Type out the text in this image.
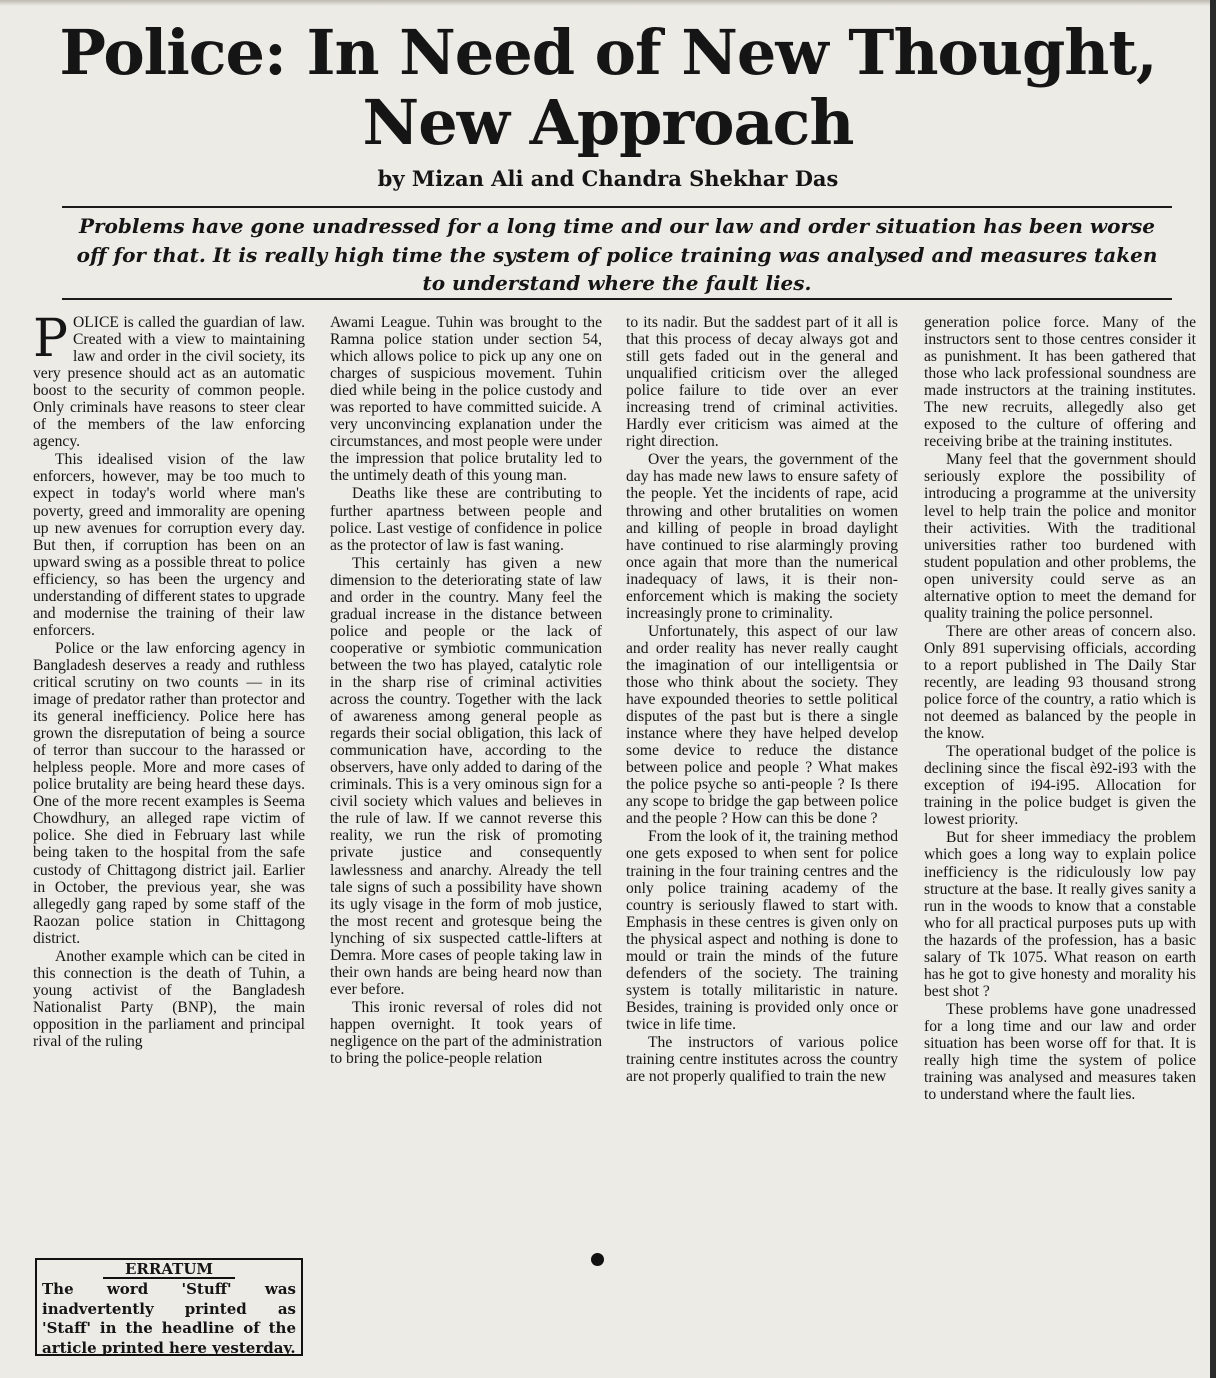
Police: In Need of New Thought, New Approach
by Mizan Ali and Chandra Shekhar Das
Problems have gone unadressed for a long time and our law and order situation has been worse off for that. It is really high time the system of police training was analysed and measures taken to understand where the fault lies.

POLICE is called the guardian of law. Created with a view to maintaining law and order in the civil society, its very presence should act as an automatic boost to the security of common people. Only criminals have reasons to steer clear of the members of the law enforcing agency.

This idealised vision of the law enforcers, however, may be too much to expect in today's world where man's poverty, greed and immorality are opening up new avenues for corruption every day. But then, if corruption has been on an upward swing as a possible threat to police efficiency, so has been the urgency and understanding of different states to upgrade and modernise the training of their law enforcers.

Police or the law enforcing agency in Bangladesh deserves a ready and ruthless critical scrutiny on two counts — in its image of predator rather than protector and its general inefficiency. Police here has grown the disreputation of being a source of terror than succour to the harassed or helpless people. More and more cases of police brutality are being heard these days. One of the more recent examples is Seema Chowdhury, an alleged rape victim of police. She died in February last while being taken to the hospital from the safe custody of Chittagong district jail. Earlier in October, the previous year, she was allegedly gang raped by some staff of the Raozan police station in Chittagong district.

Another example which can be cited in this connection is the death of Tuhin, a young activist of the Bangladesh Nationalist Party (BNP), the main opposition in the parliament and principal rival of the ruling

Awami League. Tuhin was brought to the Ramna police station under section 54, which allows police to pick up any one on charges of suspicious movement. Tuhin died while being in the police custody and was reported to have committed suicide. A very unconvincing explanation under the circumstances, and most people were under the impression that police brutality led to the untimely death of this young man.

Deaths like these are contributing to further apartness between people and police. Last vestige of confidence in police as the protector of law is fast waning.

This certainly has given a new dimension to the deteriorating state of law and order in the country. Many feel the gradual increase in the distance between police and people or the lack of cooperative or symbiotic communication between the two has played, catalytic role in the sharp rise of criminal activities across the country. Together with the lack of awareness among general people as regards their social obligation, this lack of communication have, according to the observers, have only added to daring of the criminals. This is a very ominous sign for a civil society which values and believes in the rule of law. If we cannot reverse this reality, we run the risk of promoting private justice and consequently lawlessness and anarchy. Already the tell tale signs of such a possibility have shown its ugly visage in the form of mob justice, the most recent and grotesque being the lynching of six suspected cattle-lifters at Demra. More cases of people taking law in their own hands are being heard now than ever before.

This ironic reversal of roles did not happen overnight. It took years of negligence on the part of the administration to bring the police-people relation

to its nadir. But the saddest part of it all is that this process of decay always got and still gets faded out in the general and unqualified criticism over the alleged police failure to tide over an ever increasing trend of criminal activities. Hardly ever criticism was aimed at the right direction.

Over the years, the government of the day has made new laws to ensure safety of the people. Yet the incidents of rape, acid throwing and other brutalities on women and killing of people in broad daylight have continued to rise alarmingly proving once again that more than the numerical inadequacy of laws, it is their non-enforcement which is making the society increasingly prone to criminality.

Unfortunately, this aspect of our law and order reality has never really caught the imagination of our intelligentsia or those who think about the society. They have expounded theories to settle political disputes of the past but is there a single instance where they have helped develop some device to reduce the distance between police and people ? What makes the police psyche so anti-people ? Is there any scope to bridge the gap between police and the people ? How can this be done ?

From the look of it, the training method one gets exposed to when sent for police training in the four training centres and the only police training academy of the country is seriously flawed to start with. Emphasis in these centres is given only on the physical aspect and nothing is done to mould or train the minds of the future defenders of the society. The training system is totally militaristic in nature. Besides, training is provided only once or twice in life time.

The instructors of various police training centre institutes across the country are not properly qualified to train the new

generation police force. Many of the instructors sent to those centres consider it as punishment. It has been gathered that those who lack professional soundness are made instructors at the training institutes. The new recruits, allegedly also get exposed to the culture of offering and receiving bribe at the training institutes.

Many feel that the government should seriously explore the possibility of introducing a programme at the university level to help train the police and monitor their activities. With the traditional universities rather too burdened with student population and other problems, the open university could serve as an alternative option to meet the demand for quality training the police personnel.

There are other areas of concern also. Only 891 supervising officials, according to a report published in The Daily Star recently, are leading 93 thousand strong police force of the country, a ratio which is not deemed as balanced by the people in the know.

The operational budget of the police is declining since the fiscal è92-i93 with the exception of i94-i95. Allocation for training in the police budget is given the lowest priority.

But for sheer immediacy the problem which goes a long way to explain police inefficiency is the ridiculously low pay structure at the base. It really gives sanity a run in the woods to know that a constable who for all practical purposes puts up with the hazards of the profession, has a basic salary of Tk 1075. What reason on earth has he got to give honesty and morality his best shot ?

These problems have gone unadressed for a long time and our law and order situation has been worse off for that. It is really high time the system of police training was analysed and measures taken to understand where the fault lies.

ERRATUM
The word 'Stuff' was inadvertently printed as 'Staff' in the headline of the article printed here yesterday.
